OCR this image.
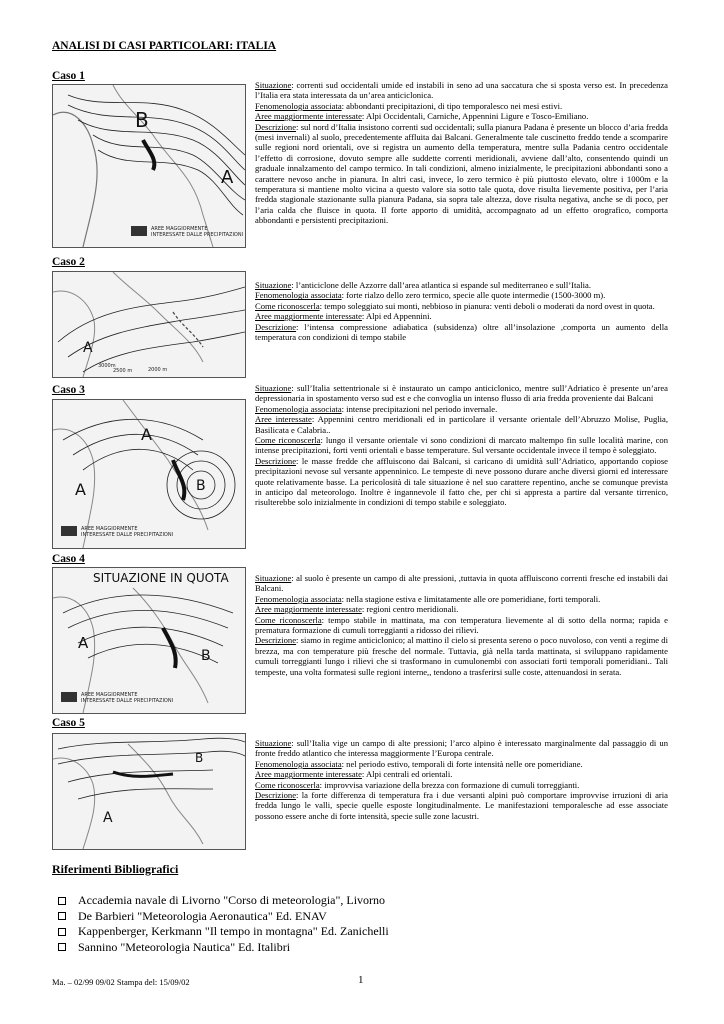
ANALISI DI CASI PARTICOLARI: ITALIA
Caso 1
B
A
AREE MAGGIORMENTE
INTERESSATE DALLE PRECIPITAZIONI

Situazione: correnti sud occidentali umide ed instabili in seno ad una saccatura che si sposta verso est. In precedenza l’Italia era stata interessata da un’area anticiclonica.

Fenomenologia associata: abbondanti precipitazioni, di tipo temporalesco nei mesi estivi.

Aree maggiormente interessate: Alpi Occidentali, Carniche, Appennini Ligure e Tosco-Emiliano.

Descrizione: sul nord d’Italia insistono correnti sud occidentali; sulla pianura Padana è presente un blocco d’aria fredda (mesi invernali) al suolo, precedentemente affluita dai Balcani. Generalmente tale cuscinetto freddo tende a scomparire sulle regioni nord orientali, ove si registra un aumento della temperatura, mentre sulla Padania centro occidentale l’effetto di corrosione, dovuto sempre alle suddette correnti meridionali, avviene dall’alto, consentendo quindi un graduale innalzamento del campo termico. In tali condizioni, almeno inizialmente, le precipitazioni abbondanti sono a carattere nevoso anche in pianura. In altri casi, invece, lo zero termico è più piuttosto elevato, oltre i 1000m e la temperatura si mantiene molto vicina a questo valore sia sotto tale quota, dove risulta lievemente positiva, per l’aria fredda stagionale stazionante sulla pianura Padana, sia sopra tale altezza, dove risulta negativa, anche se di poco, per l’aria calda che fluisce in quota. Il forte apporto di umidità, accompagnato ad un effetto orografico, comporta abbondanti e persistenti precipitazioni.

Caso 2
A
3000m
2500 m	2000 m

Situazione: l’anticiclone delle Azzorre dall’area atlantica si espande sul mediterraneo e sull’Italia.

Fenomenologia associata: forte rialzo dello zero termico, specie alle quote intermedie (1500-3000 m).

Come riconoscerla: tempo soleggiato sui monti, nebbioso in pianura: venti deboli o moderati da nord ovest in quota.

Aree maggiormente interessate: Alpi ed Appennini.

Descrizione: l’intensa compressione adiabatica (subsidenza) oltre all’insolazione ,comporta un aumento della temperatura con condizioni di tempo stabile

Caso 3
A
A
B
AREE MAGGIORMENTE
INTERESSATE DALLE PRECIPITAZIONI

Situazione: sull’Italia settentrionale si è instaurato un campo anticiclonico, mentre sull’Adriatico è presente un’area depressionaria in spostamento verso sud est e che convoglia un intenso flusso di aria fredda proveniente dai Balcani

Fenomenologia associata: intense precipitazioni nel periodo invernale.

Aree interessate: Appennini centro meridionali ed in particolare il versante orientale dell’Abruzzo Molise, Puglia, Basilicata e Calabria..

Come riconoscerla: lungo il versante orientale vi sono condizioni di marcato maltempo fin sulle località marine, con intense precipitazioni, forti venti orientali e basse temperature. Sul versante occidentale invece il tempo è soleggiato.

Descrizione: le masse fredde che affluiscono dai Balcani, si caricano di umidità sull’Adriatico, apportando copiose precipitazioni nevose sul versante appenninico. Le tempeste di neve possono durare anche diversi giorni ed interessare quote relativamente basse. La pericolosità di tale situazione è nel suo carattere repentino, anche se comunque prevista in anticipo dal meteorologo. Inoltre è ingannevole il fatto che, per chi si appresta a partire dal versante tirrenico, risulterebbe solo inizialmente in condizioni di tempo stabile e soleggiato.

Caso 4
SITUAZIONE IN QUOTA
A
B
AREE MAGGIORMENTE
INTERESSATE DALLE PRECIPITAZIONI

Situazione: al suolo è presente un campo di alte pressioni, ,tuttavia in quota affluiscono correnti fresche ed instabili dai Balcani.

Fenomenologia associata: nella stagione estiva e limitatamente alle ore pomeridiane, forti temporali.

Aree maggiormente interessate: regioni centro meridionali.

Come riconoscerla: tempo stabile in mattinata, ma con temperatura lievemente al di sotto della norma; rapida e prematura formazione di cumuli torreggianti a ridosso dei rilievi.

Descrizione: siamo in regime anticiclonico; al mattino il cielo si presenta sereno o poco nuvoloso, con venti a regime di brezza, ma con temperature più fresche del normale. Tuttavia, già nella tarda mattinata, si sviluppano rapidamente cumuli torreggianti lungo i rilievi che si trasformano in cumulonembi con associati forti temporali pomeridiani.. Tali tempeste, una volta formatesi sulle regioni interne,, tendono a trasferirsi sulle coste, attenuandosi in serata.

Caso 5
A
B

Situazione: sull’Italia vige un campo di alte pressioni; l’arco alpino è interessato marginalmente dal passaggio di un fronte freddo atlantico che interessa maggiormente l’Europa centrale.

Fenomenologia associata: nel periodo estivo, temporali di forte intensità nelle ore pomeridiane.

Aree maggiormente interessate: Alpi centrali ed orientali.

Come riconoscerla: improvvisa variazione della brezza con formazione di cumuli torreggianti.

Descrizione: la forte differenza di temperatura fra i due versanti alpini può comportare improvvise irruzioni di aria fredda lungo le valli, specie quelle esposte longitudinalmente. Le manifestazioni temporalesche ad esse associate possono essere anche di forte intensità, specie sulle zone lacustri.

Riferimenti Bibliografici
Accademia navale di Livorno "Corso di meteorologia", Livorno
De Barbieri "Meteorologia Aeronautica" Ed. ENAV
Kappenberger, Kerkmann "Il tempo in montagna" Ed. Zanichelli
Sannino "Meteorologia Nautica" Ed. Italibri
Ma. – 02/99 09/02 Stampa del: 15/09/02	1
